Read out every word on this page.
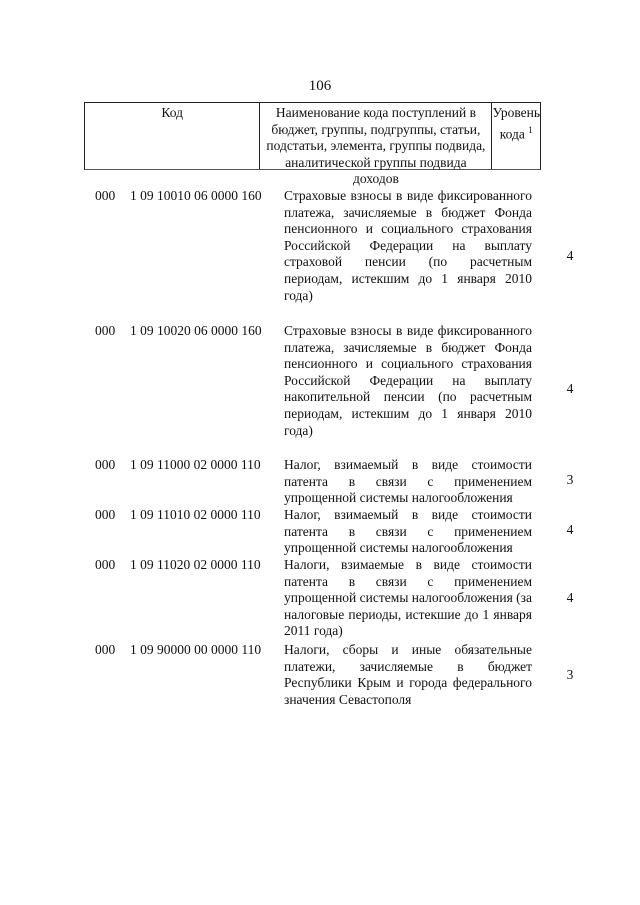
106
Код	Наименование кода поступлений в
бюджет, группы, подгруппы, статьи,
подстатьи, элемента, группы подвида,
аналитической группы подвида доходов
Уровень
кода $^1$
000 1 09 10010 06 0000 160 Страховые взносы в виде фиксированного платежа, зачисляемые в бюджет Фонда пенсионного и социального страхования Российской Федерации на выплату страховой пенсии (по расчетным периодам, истекшим до 1 января 2010 года)
4
000 1 09 10020 06 0000 160 Страховые взносы в виде фиксированного платежа, зачисляемые в бюджет Фонда пенсионного и социального страхования Российской Федерации на выплату накопительной пенсии (по расчетным периодам, истекшим до 1 января 2010 года)
4
000 1 09 11000 02 0000 110 Налог, взимаемый в виде стоимости патента в связи с применением упрощенной системы налогообложения
3
000 1 09 11010 02 0000 110 Налог, взимаемый в виде стоимости патента в связи с применением упрощенной системы налогообложения
4
000 1 09 11020 02 0000 110 Налоги, взимаемые в виде стоимости патента в связи с применением упрощенной системы налогообложения (за налоговые периоды, истекшие до 1 января 2011 года)
4
000 1 09 90000 00 0000 110 Налоги, сборы и иные обязательные платежи, зачисляемые в бюджет Республики Крым и города федерального значения Севастополя
3
